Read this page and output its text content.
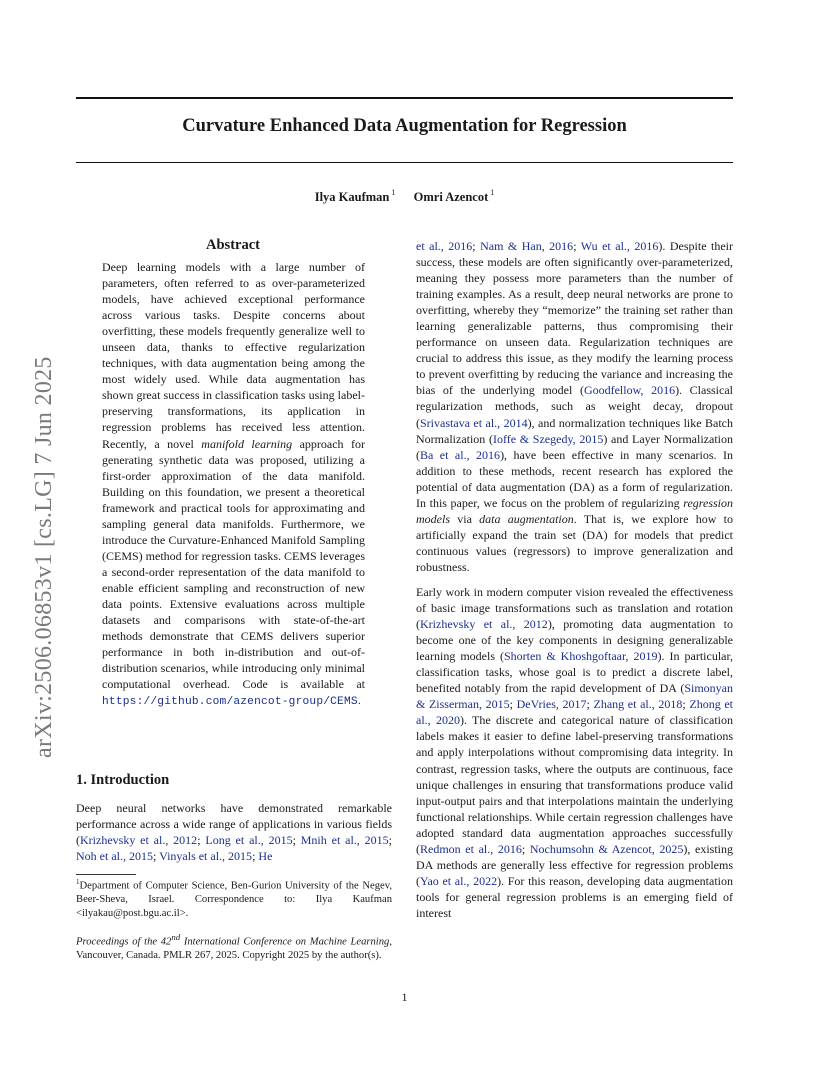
Curvature Enhanced Data Augmentation for Regression
Ilya Kaufman $^1$ Omri Azencot $^1$
arXiv:2506.06853v1 [cs.LG] 7 Jun 2025
Abstract

Deep learning models with a large number of parameters, often referred to as over-parameterized models, have achieved exceptional performance across various tasks. Despite concerns about overfitting, these models frequently generalize well to unseen data, thanks to effective regularization techniques, with data augmentation being among the most widely used. While data augmentation has shown great success in classification tasks using label-preserving transformations, its application in regression problems has received less attention. Recently, a novel manifold learning approach for generating synthetic data was proposed, utilizing a first-order approximation of the data manifold. Building on this foundation, we present a theoretical framework and practical tools for approximating and sampling general data manifolds. Furthermore, we introduce the Curvature-Enhanced Manifold Sampling (CEMS) method for regression tasks. CEMS leverages a second-order representation of the data manifold to enable efficient sampling and reconstruction of new data points. Extensive evaluations across multiple datasets and comparisons with state-of-the-art methods demonstrate that CEMS delivers superior performance in both in-distribution and out-of-distribution scenarios, while introducing only minimal computational overhead. Code is available at https://github.com/azencot-group/CEMS.

1. Introduction

Deep neural networks have demonstrated remarkable performance across a wide range of applications in various fields (Krizhevsky et al., 2012; Long et al., 2015; Mnih et al., 2015; Noh et al., 2015; Vinyals et al., 2015; He

$^1$Department of Computer Science, Ben-Gurion University of the Negev, Beer-Sheva, Israel. Correspondence to: Ilya Kaufman <ilyakau@post.bgu.ac.il>.

Proceedings of the 42nd International Conference on Machine Learning, Vancouver, Canada. PMLR 267, 2025. Copyright 2025 by the author(s).

et al., 2016; Nam & Han, 2016; Wu et al., 2016). Despite their success, these models are often significantly over-parameterized, meaning they possess more parameters than the number of training examples. As a result, deep neural networks are prone to overfitting, whereby they “memorize” the training set rather than learning generalizable patterns, thus compromising their performance on unseen data. Regularization techniques are crucial to address this issue, as they modify the learning process to prevent overfitting by reducing the variance and increasing the bias of the underlying model (Goodfellow, 2016). Classical regularization methods, such as weight decay, dropout (Srivastava et al., 2014), and normalization techniques like Batch Normalization (Ioffe & Szegedy, 2015) and Layer Normalization (Ba et al., 2016), have been effective in many scenarios. In addition to these methods, recent research has explored the potential of data augmentation (DA) as a form of regularization. In this paper, we focus on the problem of regularizing regression models via data augmentation. That is, we explore how to artificially expand the train set (DA) for models that predict continuous values (regressors) to improve generalization and robustness.

Early work in modern computer vision revealed the effectiveness of basic image transformations such as translation and rotation (Krizhevsky et al., 2012), promoting data augmentation to become one of the key components in designing generalizable learning models (Shorten & Khoshgoftaar, 2019). In particular, classification tasks, whose goal is to predict a discrete label, benefited notably from the rapid development of DA (Simonyan & Zisserman, 2015; DeVries, 2017; Zhang et al., 2018; Zhong et al., 2020). The discrete and categorical nature of classification labels makes it easier to define label-preserving transformations and apply interpolations without compromising data integrity. In contrast, regression tasks, where the outputs are continuous, face unique challenges in ensuring that transformations produce valid input-output pairs and that interpolations maintain the underlying functional relationships. While certain regression challenges have adopted standard data augmentation approaches successfully (Redmon et al., 2016; Nochumsohn & Azencot, 2025), existing DA methods are generally less effective for regression problems (Yao et al., 2022). For this reason, developing data augmentation tools for general regression problems is an emerging field of interest

1
